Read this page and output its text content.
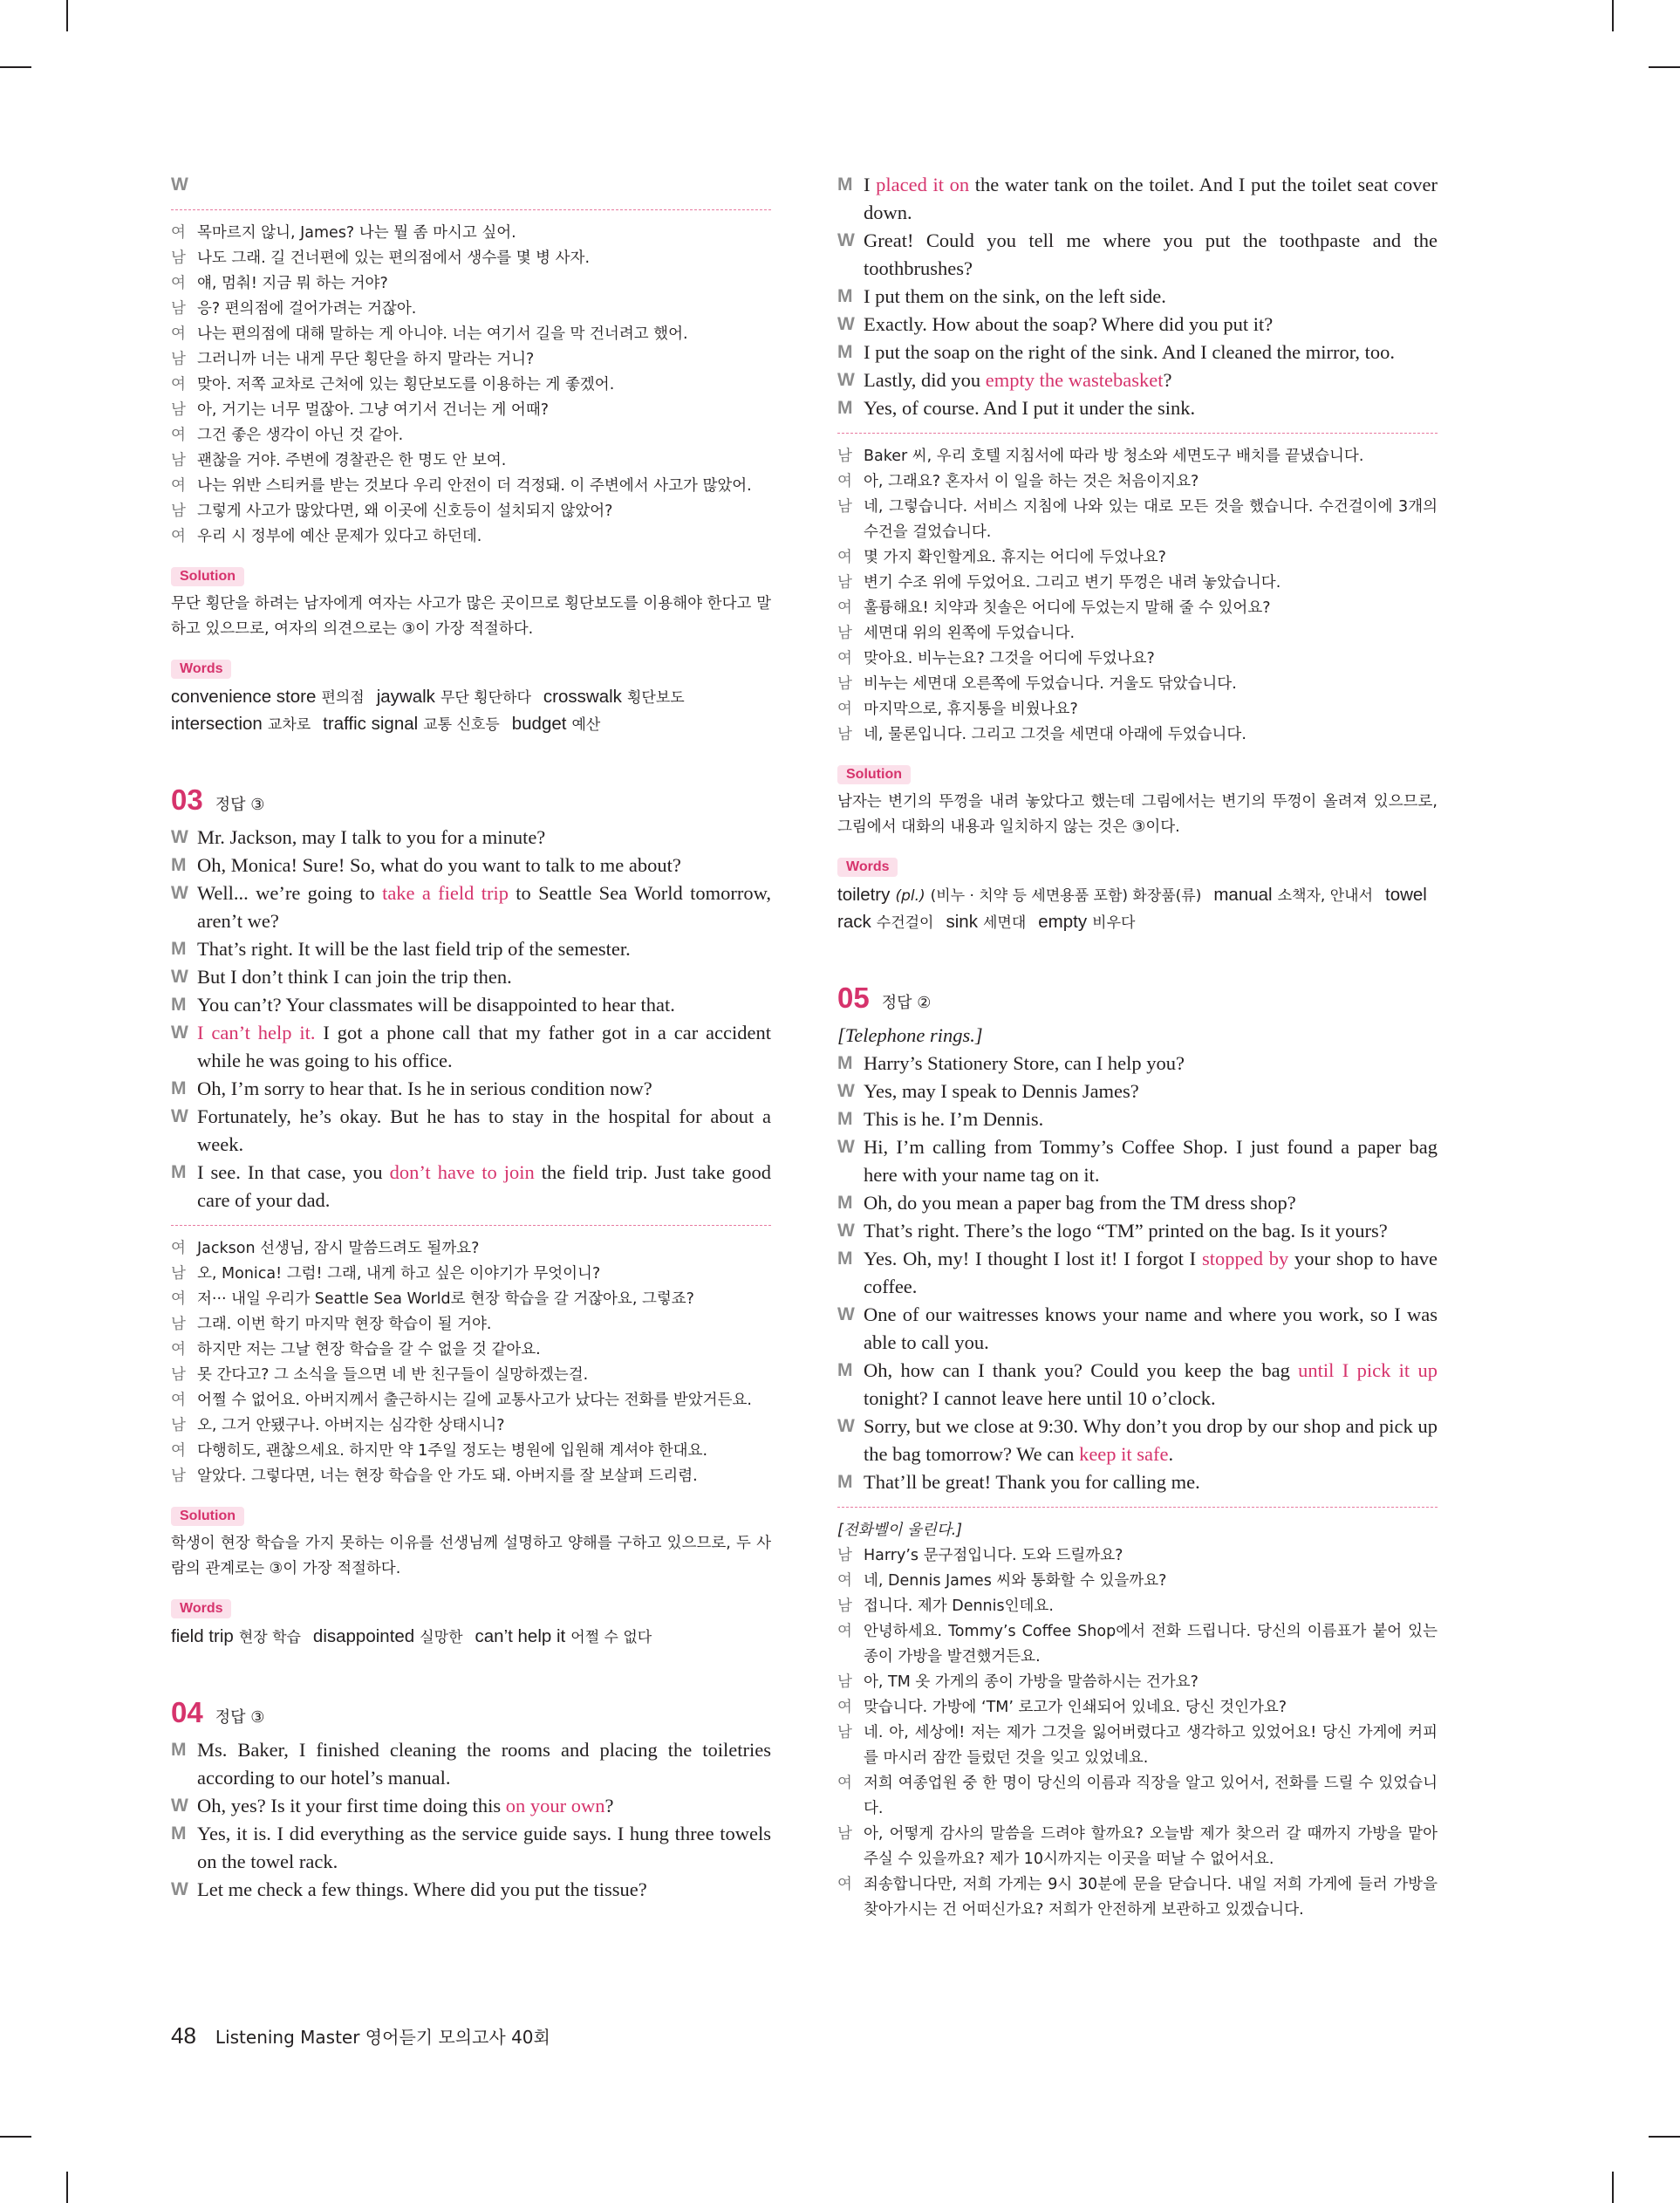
W
여 목마르지 않니, James? 나는 뭘 좀 마시고 싶어.
남 나도 그래. 길 건너편에 있는 편의점에서 생수를 몇 병 사자.
여 얘, 멈춰! 지금 뭐 하는 거야?
남 응? 편의점에 걸어가려는 거잖아.
여 나는 편의점에 대해 말하는 게 아니야. 너는 여기서 길을 막 건너려고 했어.
남 그러니까 너는 내게 무단 횡단을 하지 말라는 거니?
여 맞아. 저쪽 교차로 근처에 있는 횡단보도를 이용하는 게 좋겠어.
남 아, 거기는 너무 멀잖아. 그냥 여기서 건너는 게 어때?
여 그건 좋은 생각이 아닌 것 같아.
남 괜찮을 거야. 주변에 경찰관은 한 명도 안 보여.
여 나는 위반 스티커를 받는 것보다 우리 안전이 더 걱정돼. 이 주변에서 사고가 많았어.
남 그렇게 사고가 많았다면, 왜 이곳에 신호등이 설치되지 않았어?
여 우리 시 정부에 예산 문제가 있다고 하던데.
Solution

무단 횡단을 하려는 남자에게 여자는 사고가 많은 곳이므로 횡단보도를 이용해야 한다고 말하고 있으므로, 여자의 의견으로는 ③이 가장 적절하다.

Words

convenience store 편의점 jaywalk 무단 횡단하다 crosswalk 횡단보도intersection 교차로 traffic signal 교통 신호등 budget 예산

03 정답 ③
W Mr. Jackson, may I talk to you for a minute?
M Oh, Monica! Sure! So, what do you want to talk to me about?
W Well... we’re going to take a field trip to Seattle Sea World tomorrow, aren’t we?
M That’s right. It will be the last field trip of the semester.
W But I don’t think I can join the trip then.
M You can’t? Your classmates will be disappointed to hear that.
W I can’t help it. I got a phone call that my father got in a car accident while he was going to his office.
M Oh, I’m sorry to hear that. Is he in serious condition now?
W Fortunately, he’s okay. But he has to stay in the hospital for about a week.
M I see. In that case, you don’t have to join the field trip. Just take good care of your dad.
여 Jackson 선생님, 잠시 말씀드려도 될까요?
남 오, Monica! 그럼! 그래, 내게 하고 싶은 이야기가 무엇이니?
여 저··· 내일 우리가 Seattle Sea World로 현장 학습을 갈 거잖아요, 그렇죠?
남 그래. 이번 학기 마지막 현장 학습이 될 거야.
여 하지만 저는 그날 현장 학습을 갈 수 없을 것 같아요.
남 못 간다고? 그 소식을 들으면 네 반 친구들이 실망하겠는걸.
여 어쩔 수 없어요. 아버지께서 출근하시는 길에 교통사고가 났다는 전화를 받았거든요.
남 오, 그거 안됐구나. 아버지는 심각한 상태시니?
여 다행히도, 괜찮으세요. 하지만 약 1주일 정도는 병원에 입원해 계셔야 한대요.
남 알았다. 그렇다면, 너는 현장 학습을 안 가도 돼. 아버지를 잘 보살펴 드리렴.
Solution

학생이 현장 학습을 가지 못하는 이유를 선생님께 설명하고 양해를 구하고 있으므로, 두 사람의 관계로는 ③이 가장 적절하다.

Words

field trip 현장 학습 disappointed 실망한 can’t help it 어쩔 수 없다

04 정답 ③
M Ms. Baker, I finished cleaning the rooms and placing the toiletries according to our hotel’s manual.
W Oh, yes? Is it your first time doing this on your own?
M Yes, it is. I did everything as the service guide says. I hung three towels on the towel rack.
W Let me check a few things. Where did you put the tissue?
M I placed it on the water tank on the toilet. And I put the toilet seat cover down.
W Great! Could you tell me where you put the toothpaste and the toothbrushes?
M I put them on the sink, on the left side.
W Exactly. How about the soap? Where did you put it?
M I put the soap on the right of the sink. And I cleaned the mirror, too.
W Lastly, did you empty the wastebasket?
M Yes, of course. And I put it under the sink.
남 Baker 씨, 우리 호텔 지침서에 따라 방 청소와 세면도구 배치를 끝냈습니다.
여 아, 그래요? 혼자서 이 일을 하는 것은 처음이지요?
남 네, 그렇습니다. 서비스 지침에 나와 있는 대로 모든 것을 했습니다. 수건걸이에 3개의 수건을 걸었습니다.
여 몇 가지 확인할게요. 휴지는 어디에 두었나요?
남 변기 수조 위에 두었어요. 그리고 변기 뚜껑은 내려 놓았습니다.
여 훌륭해요! 치약과 칫솔은 어디에 두었는지 말해 줄 수 있어요?
남 세면대 위의 왼쪽에 두었습니다.
여 맞아요. 비누는요? 그것을 어디에 두었나요?
남 비누는 세면대 오른쪽에 두었습니다. 거울도 닦았습니다.
여 마지막으로, 휴지통을 비웠나요?
남 네, 물론입니다. 그리고 그것을 세면대 아래에 두었습니다.
Solution

남자는 변기의 뚜껑을 내려 놓았다고 했는데 그림에서는 변기의 뚜껑이 올려져 있으므로, 그림에서 대화의 내용과 일치하지 않는 것은 ③이다.

Words

toiletry (pl.) (비누 · 치약 등 세면용품 포함) 화장품(류) manual 소책자, 안내서 towel rack 수건걸이 sink 세면대 empty 비우다

05 정답 ②
[Telephone rings.]
M Harry’s Stationery Store, can I help you?
W Yes, may I speak to Dennis James?
M This is he. I’m Dennis.
W Hi, I’m calling from Tommy’s Coffee Shop. I just found a paper bag here with your name tag on it.
M Oh, do you mean a paper bag from the TM dress shop?
W That’s right. There’s the logo “TM” printed on the bag. Is it yours?
M Yes. Oh, my! I thought I lost it! I forgot I stopped by your shop to have coffee.
W One of our waitresses knows your name and where you work, so I was able to call you.
M Oh, how can I thank you? Could you keep the bag until I pick it up tonight? I cannot leave here until 10 o’clock.
W Sorry, but we close at 9:30. Why don’t you drop by our shop and pick up the bag tomorrow? We can keep it safe.
M That’ll be great! Thank you for calling me.
[전화벨이 울린다.]
남 Harry’s 문구점입니다. 도와 드릴까요?
여 네, Dennis James 씨와 통화할 수 있을까요?
남 접니다. 제가 Dennis인데요.
여 안녕하세요. Tommy’s Coffee Shop에서 전화 드립니다. 당신의 이름표가 붙어 있는 종이 가방을 발견했거든요.
남 아, TM 옷 가게의 종이 가방을 말씀하시는 건가요?
여 맞습니다. 가방에 ‘TM’ 로고가 인쇄되어 있네요. 당신 것인가요?
남 네. 아, 세상에! 저는 제가 그것을 잃어버렸다고 생각하고 있었어요! 당신 가게에 커피를 마시러 잠깐 들렀던 것을 잊고 있었네요.
여 저희 여종업원 중 한 명이 당신의 이름과 직장을 알고 있어서, 전화를 드릴 수 있었습니다.
남 아, 어떻게 감사의 말씀을 드려야 할까요? 오늘밤 제가 찾으러 갈 때까지 가방을 맡아 주실 수 있을까요? 제가 10시까지는 이곳을 떠날 수 없어서요.
여 죄송합니다만, 저희 가게는 9시 30분에 문을 닫습니다. 내일 저희 가게에 들러 가방을 찾아가시는 건 어떠신가요? 저희가 안전하게 보관하고 있겠습니다.
48 Listening Master 영어듣기 모의고사 40회
